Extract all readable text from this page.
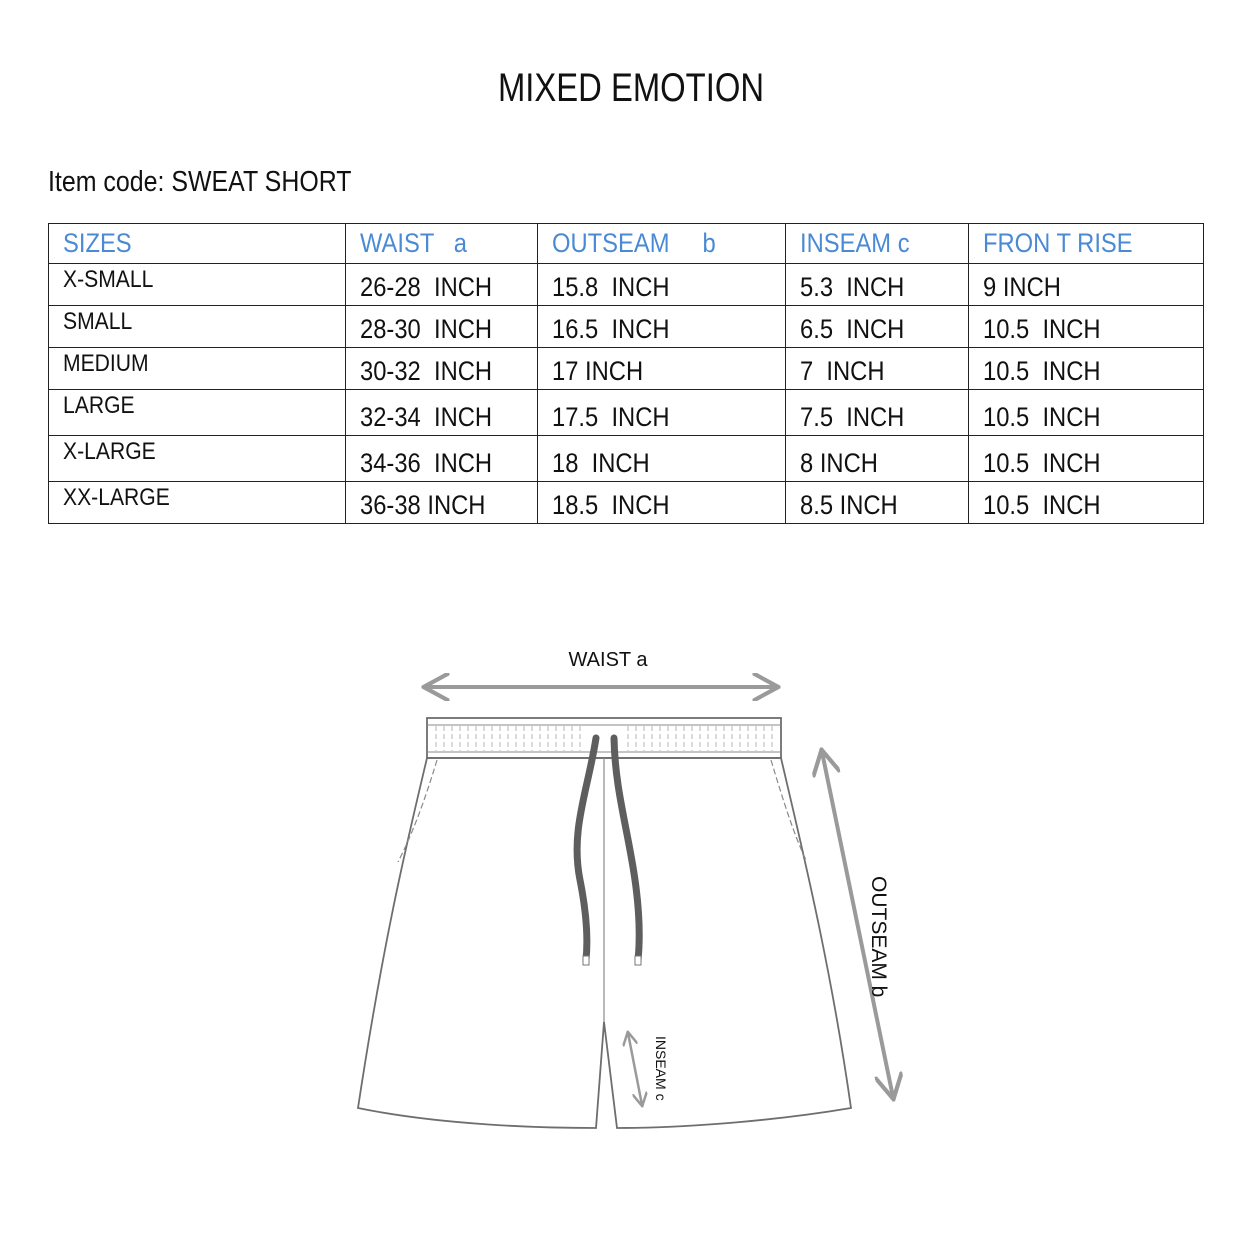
MIXED EMOTION
Item code: SWEAT SHORT
SIZES	WAIST   a	OUTSEAM     b	INSEAM c	FRON T RISE
X-SMALL	26-28  INCH	15.8  INCH	5.3  INCH	9 INCH
SMALL	28-30  INCH	16.5  INCH	6.5  INCH	10.5  INCH
MEDIUM	30-32  INCH	17 INCH	7  INCH	10.5  INCH
LARGE	32-34  INCH	17.5  INCH	7.5  INCH	10.5  INCH
X-LARGE	34-36  INCH	18  INCH	8 INCH	10.5  INCH
XX-LARGE	36-38 INCH	18.5  INCH	8.5 INCH	10.5  INCH
WAIST a
OUTSEAM b
INSEAM c
